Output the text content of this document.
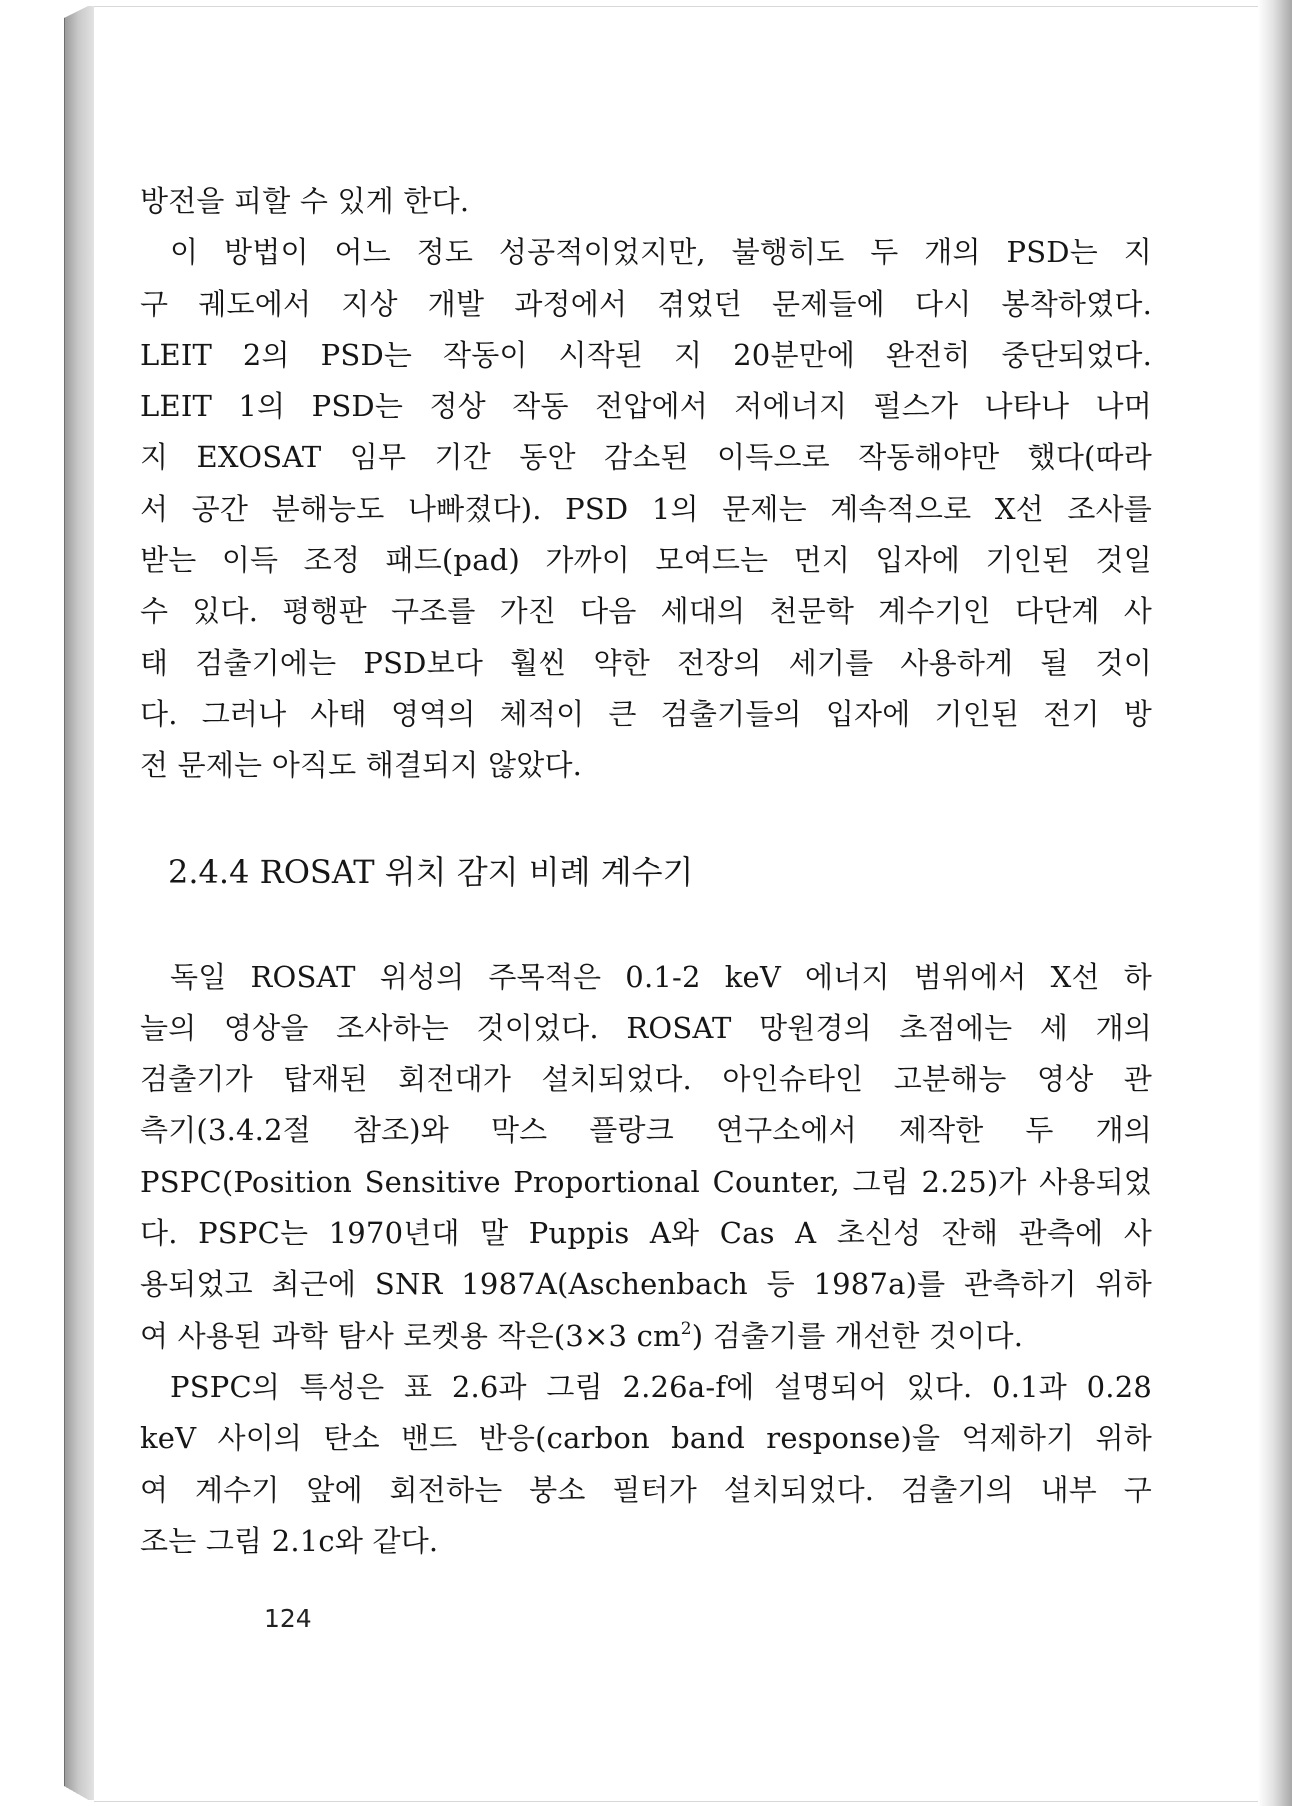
방전을 피할 수 있게 한다.
이 방법이 어느 정도 성공적이었지만, 불행히도 두 개의 PSD는 지
구 궤도에서 지상 개발 과정에서 겪었던 문제들에 다시 봉착하였다.
LEIT 2의 PSD는 작동이 시작된 지 20분만에 완전히 중단되었다.
LEIT 1의 PSD는 정상 작동 전압에서 저에너지 펄스가 나타나 나머
지 EXOSAT 임무 기간 동안 감소된 이득으로 작동해야만 했다(따라
서 공간 분해능도 나빠졌다). PSD 1의 문제는 계속적으로 X선 조사를
받는 이득 조정 패드(pad) 가까이 모여드는 먼지 입자에 기인된 것일
수 있다. 평행판 구조를 가진 다음 세대의 천문학 계수기인 다단계 사
태 검출기에는 PSD보다 훨씬 약한 전장의 세기를 사용하게 될 것이
다. 그러나 사태 영역의 체적이 큰 검출기들의 입자에 기인된 전기 방
전 문제는 아직도 해결되지 않았다.
2.4.4 ROSAT 위치 감지 비례 계수기
독일 ROSAT 위성의 주목적은 0.1-2 keV 에너지 범위에서 X선 하
늘의 영상을 조사하는 것이었다. ROSAT 망원경의 초점에는 세 개의
검출기가 탑재된 회전대가 설치되었다. 아인슈타인 고분해능 영상 관
측기(3.4.2절 참조)와 막스 플랑크 연구소에서 제작한 두 개의
PSPC(Position Sensitive Proportional Counter, 그림 2.25)가 사용되었
다. PSPC는 1970년대 말 Puppis A와 Cas A 초신성 잔해 관측에 사
용되었고 최근에 SNR 1987A(Aschenbach 등 1987a)를 관측하기 위하
여 사용된 과학 탐사 로켓용 작은(3×3 $cm^2$) 검출기를 개선한 것이다.
PSPC의 특성은 표 2.6과 그림 2.26a-f에 설명되어 있다. 0.1과 0.28
keV 사이의 탄소 밴드 반응(carbon band response)을 억제하기 위하
여 계수기 앞에 회전하는 붕소 필터가 설치되었다. 검출기의 내부 구
조는 그림 2.1c와 같다.
124
